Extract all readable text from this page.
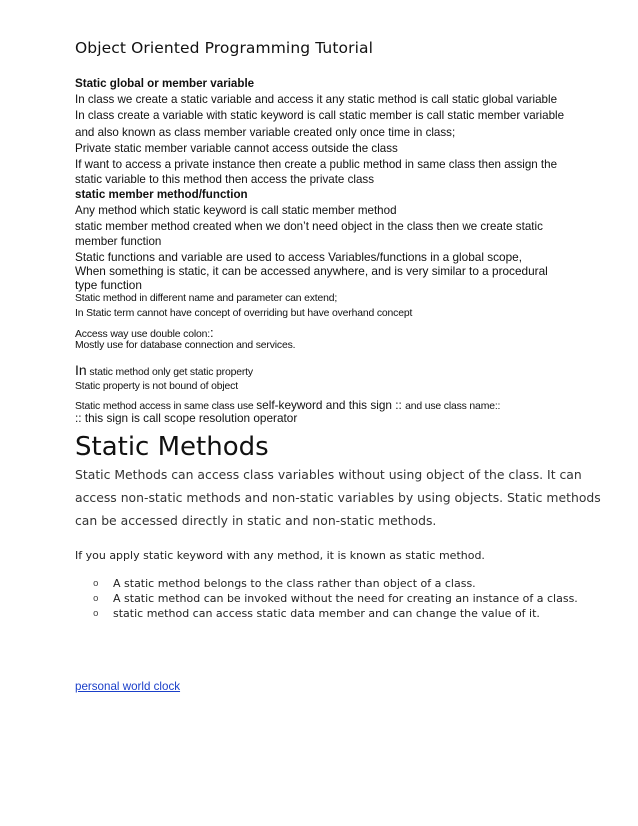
Object Oriented Programming Tutorial
Static global or member variable
In class we create a static variable and access it any static method is call static global variable
In class create a variable with static keyword is call static member is call static member variable
and also known as class member variable created only once time in class;
Private static member variable cannot access outside the class
If want to access a private instance then create a public method in same class then assign the
static variable to this method then access the private class
static member method/function
Any method which static keyword is call static member method
static member method created when we don’t need object in the class then we create static
member function
Static functions and variable are used to access Variables/functions in a global scope,
When something is static, it can be accessed anywhere, and is very similar to a procedural
type function
Static method in different name and parameter can extend;
In Static term cannot have concept of overriding but have overhand concept
Access way use double colon::
Mostly use for database connection and services.
In static method only get static property
Static property is not bound of object
Static method access in same class use self-keyword and this sign :: and use class name::
:: this sign is call scope resolution operator
Static Methods
Static Methods can access class variables without using object of the class. It can
access non-static methods and non-static variables by using objects. Static methods
can be accessed directly in static and non-static methods.
If you apply static keyword with any method, it is known as static method.
o A static method belongs to the class rather than object of a class.
o A static method can be invoked without the need for creating an instance of a class.
o static method can access static data member and can change the value of it.
personal world clock
